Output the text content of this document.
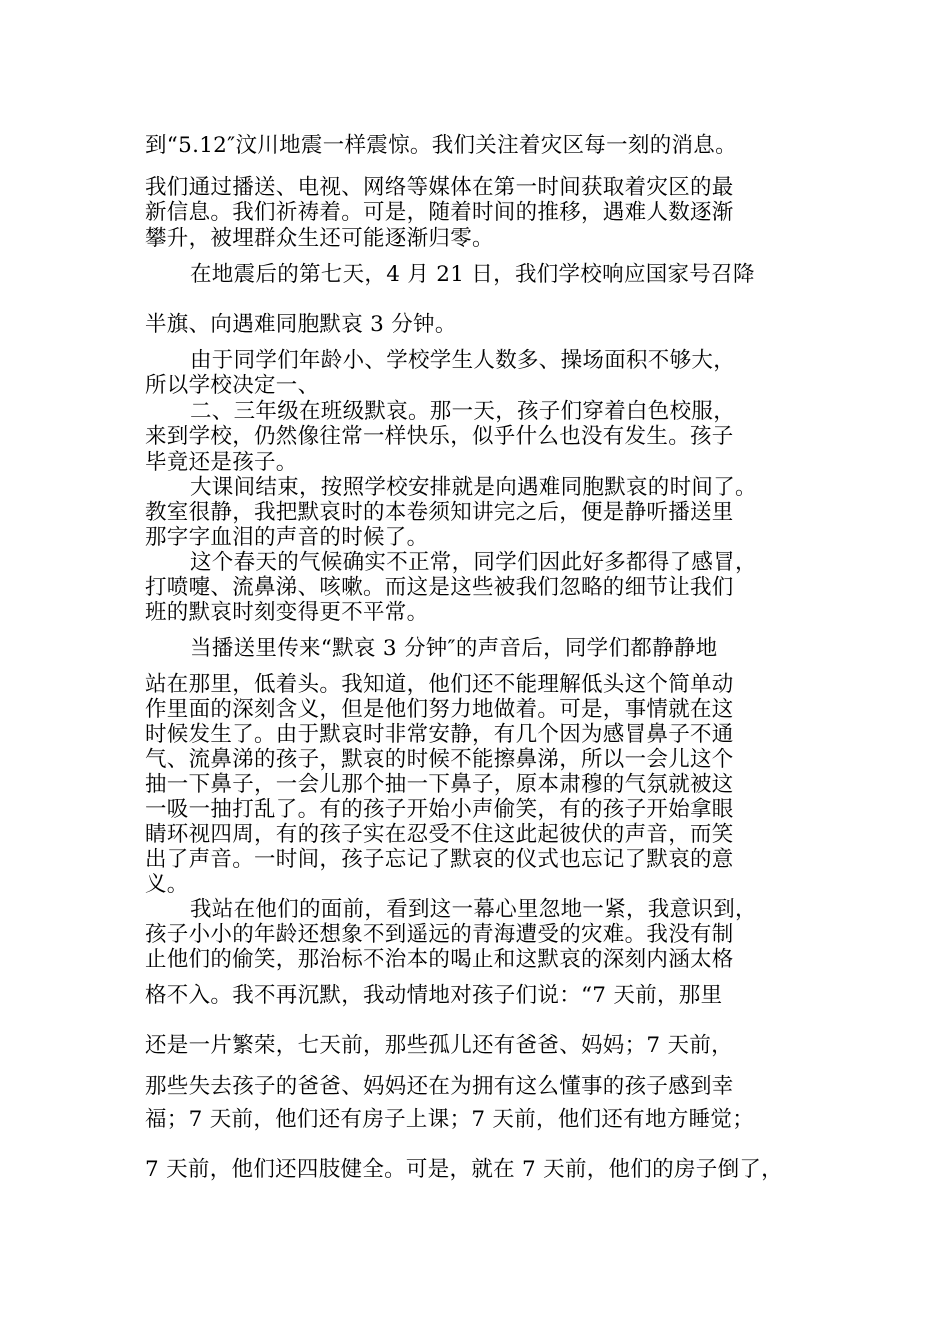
到“5.12″汶川地震一样震惊。我们关注着灾区每一刻的消息。
我们通过播送、电视、网络等媒体在第一时间获取着灾区的最
新信息。我们祈祷着。可是，随着时间的推移，遇难人数逐渐
攀升，被埋群众生还可能逐渐归零。
在地震后的第七天，4 月 21 日，我们学校响应国家号召降
半旗、向遇难同胞默哀 3 分钟。
由于同学们年龄小、学校学生人数多、操场面积不够大，
所以学校决定一、
二、三年级在班级默哀。那一天，孩子们穿着白色校服，
来到学校，仍然像往常一样快乐，似乎什么也没有发生。孩子
毕竟还是孩子。
大课间结束，按照学校安排就是向遇难同胞默哀的时间了。
教室很静，我把默哀时的本卷须知讲完之后，便是静听播送里
那字字血泪的声音的时候了。
这个春天的气候确实不正常，同学们因此好多都得了感冒，
打喷嚏、流鼻涕、咳嗽。而这是这些被我们忽略的细节让我们
班的默哀时刻变得更不平常。
当播送里传来“默哀 3 分钟″的声音后，同学们都静静地
站在那里，低着头。我知道，他们还不能理解低头这个简单动
作里面的深刻含义，但是他们努力地做着。可是，事情就在这
时候发生了。由于默哀时非常安静，有几个因为感冒鼻子不通
气、流鼻涕的孩子，默哀的时候不能擦鼻涕，所以一会儿这个
抽一下鼻子，一会儿那个抽一下鼻子，原本肃穆的气氛就被这
一吸一抽打乱了。有的孩子开始小声偷笑，有的孩子开始拿眼
睛环视四周，有的孩子实在忍受不住这此起彼伏的声音，而笑
出了声音。一时间，孩子忘记了默哀的仪式也忘记了默哀的意
义。
我站在他们的面前，看到这一幕心里忽地一紧，我意识到，
孩子小小的年龄还想象不到遥远的青海遭受的灾难。我没有制
止他们的偷笑，那治标不治本的喝止和这默哀的深刻内涵太格
格不入。我不再沉默，我动情地对孩子们说：“7 天前，那里
还是一片繁荣，七天前，那些孤儿还有爸爸、妈妈；7 天前，
那些失去孩子的爸爸、妈妈还在为拥有这么懂事的孩子感到幸
福；7 天前，他们还有房子上课；7 天前，他们还有地方睡觉；
7 天前，他们还四肢健全。可是，就在 7 天前，他们的房子倒了，
